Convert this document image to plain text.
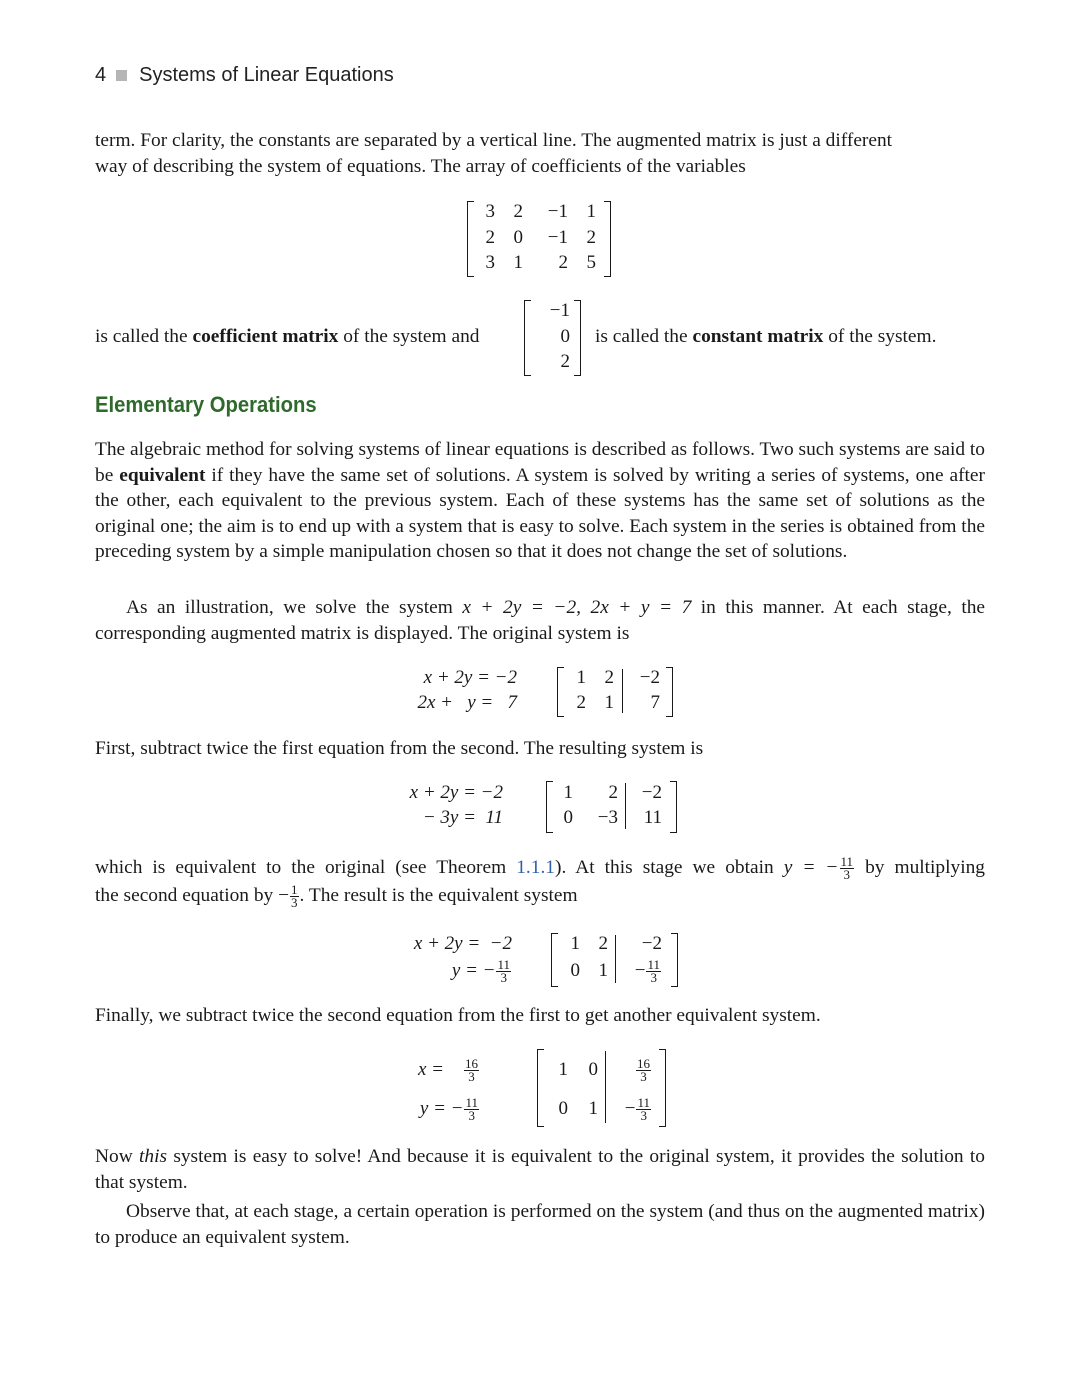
4 Systems of Linear Equations
term. For clarity, the constants are separated by a vertical line. The augmented matrix is just a different
way of describing the system of equations. The array of coefficients of the variables
3 2	−1 1
2 0	−1 2
3 1	2 5
is called the coefficient matrix of the system and
−1
0
2
is called the constant matrix of the system.
Elementary Operations

The algebraic method for solving systems of linear equations is described as follows. Two such systems are said to be equivalent if they have the same set of solutions. A system is solved by writing a series of systems, one after the other, each equivalent to the previous system. Each of these systems has the same set of solutions as the original one; the aim is to end up with a system that is easy to solve. Each system in the series is obtained from the preceding system by a simple manipulation chosen so that it does not change the set of solutions.

As an illustration, we solve the system x + 2y = −2, 2x + y = 7 in this manner. At each stage, the corresponding augmented matrix is displayed. The original system is

x + 2y = −2
2x +   y =   7
1 2	−2
2 1	7
First, subtract twice the first equation from the second. The resulting system is
x + 2y = −2
− 3y =  11
1	2	−2
0	−3	11
which is equivalent to the original (see Theorem 1.1.1). At this stage we obtain y = − $\frac{11}{3}$ by multiplying
the second equation by − $\frac{1}{3}$ . The result is the equivalent system
x + 2y =  −2
y = − $\frac{11}{3}$
1 2	−2
0 1	− $\frac{11}{3}$
Finally, we subtract twice the second equation from the first to get another equivalent system.
x =   $\frac{16}{3}$
y = − $\frac{11}{3}$
1	0	$\frac{16}{3}$
0	1	− $\frac{11}{3}$

Now this system is easy to solve! And because it is equivalent to the original system, it provides the solution to that system.

Observe that, at each stage, a certain operation is performed on the system (and thus on the augmented matrix) to produce an equivalent system.
